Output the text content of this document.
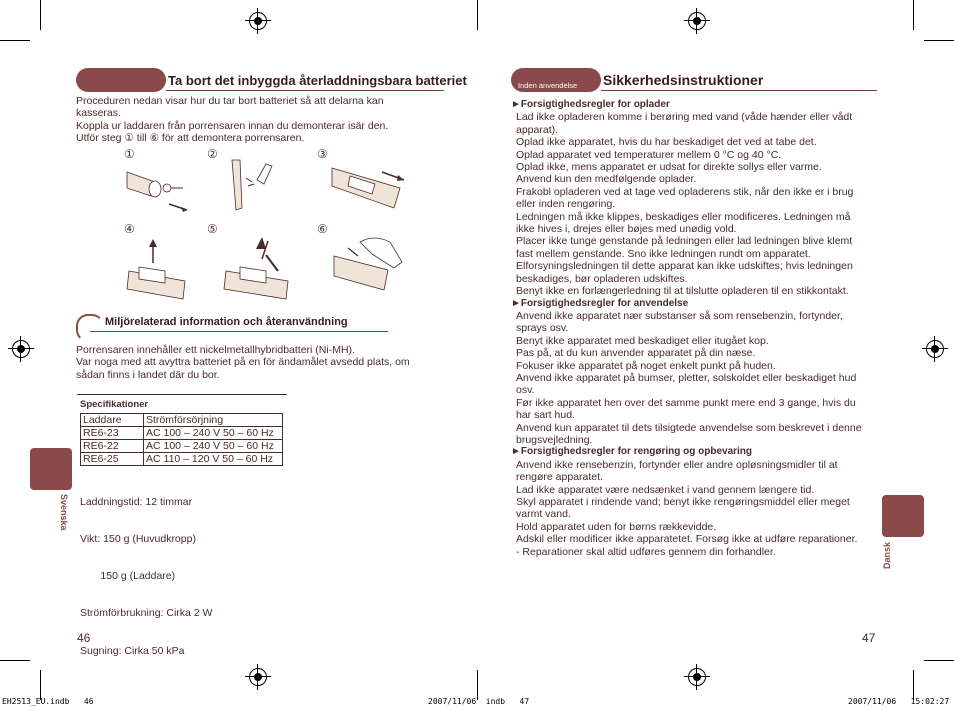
Ta bort det inbyggda återladdningsbara batteriet

Proceduren nedan visar hur du tar bort batteriet så att delarna kan

kasseras.

Koppla ur laddaren från porrensaren innan du demonterar isär den.

Utför steg ① till ⑥ för att demontera porrensaren.

①	②	③
④	⑤	⑥
Miljörelaterad information och återanvändning

Porrensaren innehåller ett nickelmetallhybridbatteri (Ni-MH).

Var noga med att avyttra batteriet på en för ändamålet avsedd plats, om

sådan finns i landet där du bor.

Specifikationer
Laddare	Strömförsörjning
RE6-23	AC 100 – 240 V 50 – 60 Hz
RE6-22	AC 100 – 240 V 50 – 60 Hz
RE6-25	AC 110 – 120 V 50 – 60 Hz

Laddningstid: 12 timmar

Vikt: 150 g (Huvudkropp)

150 g (Laddare)

Strömförbrukning: Cirka 2 W

Sugning: Cirka 50 kPa

Svenska
46
Inden anvendelse Sikkerhedsinstruktioner

►Forsigtighedsregler for oplader

Lad ikke opladeren komme i berøring med vand (våde hænder eller vådt

apparat).

Oplad ikke apparatet, hvis du har beskadiget det ved at tabe det.

Oplad apparatet ved temperaturer mellem 0 °C og 40 °C.

Oplad ikke, mens apparatet er udsat for direkte sollys eller varme.

Anvend kun den medfølgende oplader.

Frakobl opladeren ved at tage ved opladerens stik, når den ikke er i brug

eller inden rengøring.

Ledningen må ikke klippes, beskadiges eller modificeres. Ledningen må

ikke hives i, drejes eller bøjes med unødig vold.

Placer ikke tunge genstande på ledningen eller lad ledningen blive klemt

fast mellem genstande. Sno ikke ledningen rundt om apparatet.

Elforsyningsledningen til dette apparat kan ikke udskiftes; hvis ledningen

beskadiges, bør opladeren udskiftes.

Benyt ikke en forlængerledning til at tilslutte opladeren til en stikkontakt.

►Forsigtighedsregler for anvendelse

Anvend ikke apparatet nær substanser så som rensebenzin, fortynder,

sprays osv.

Benyt ikke apparatet med beskadiget eller itugået kop.

Pas på, at du kun anvender apparatet på din næse.

Fokuser ikke apparatet på noget enkelt punkt på huden.

Anvend ikke apparatet på bumser, pletter, solskoldet eller beskadiget hud

osv.

Før ikke apparatet hen over det samme punkt mere end 3 gange, hvis du

har sart hud.

Anvend kun apparatet til dets tilsigtede anvendelse som beskrevet i denne

brugsvejledning.

►Forsigtighedsregler for rengøring og opbevaring

Anvend ikke rensebenzin, fortynder eller andre opløsningsmidler til at

rengøre apparatet.

Lad ikke apparatet være nedsænket i vand gennem længere tid.

Skyl apparatet i rindende vand; benyt ikke rengøringsmiddel eller meget

varmt vand.

Hold apparatet uden for børns rækkevidde.

Adskil eller modificer ikke apparatetet. Forsøg ikke at udføre reparationer.

- Reparationer skal altid udføres gennem din forhandler.	Dansk
47
EH2513_EU.indb   46	2007/11/06  indb   47	2007/11/06   15:02:27
